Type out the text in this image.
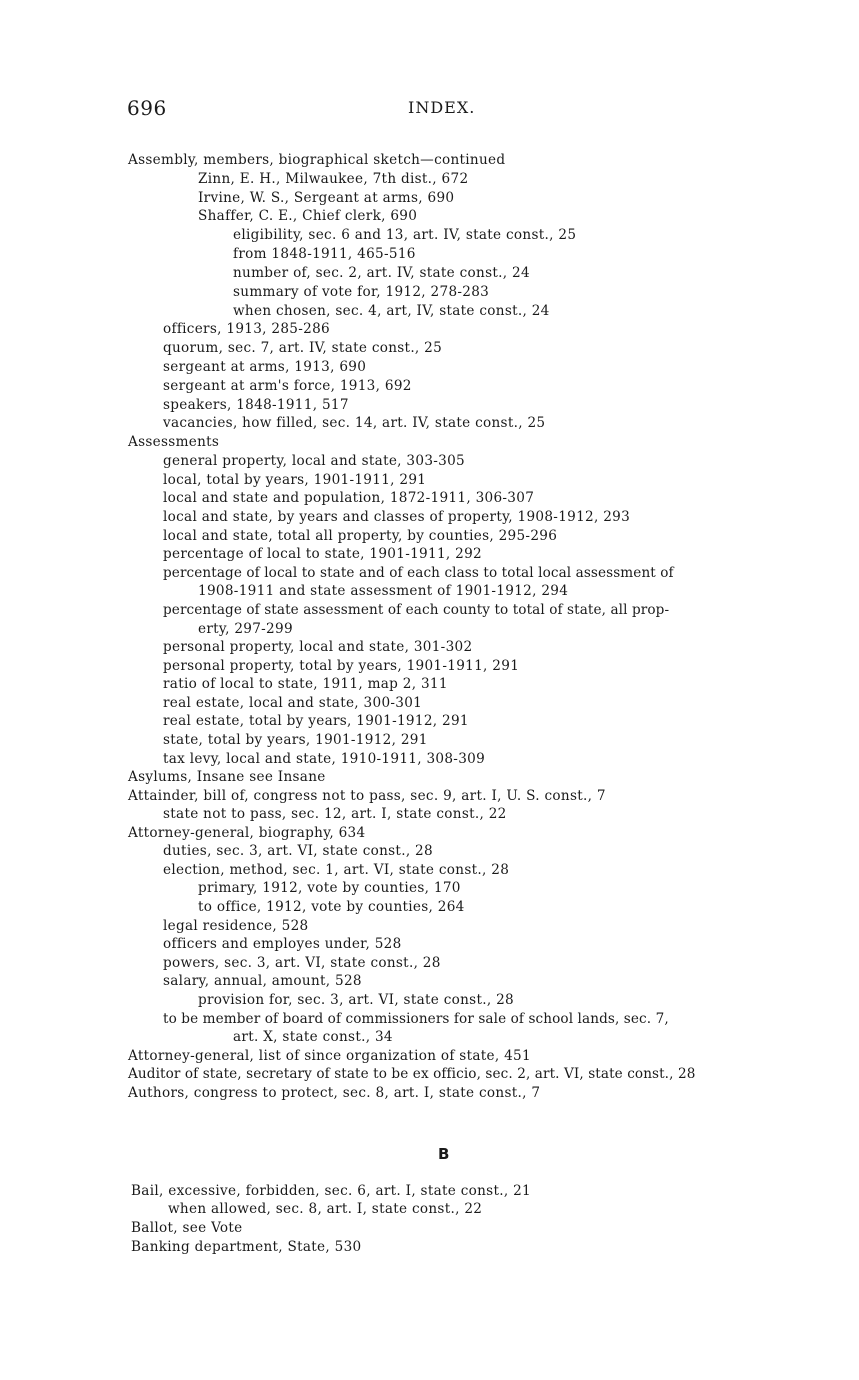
696	INDEX.
Assembly, members, biographical sketch—continued
Zinn, E. H., Milwaukee, 7th dist., 672
Irvine, W. S., Sergeant at arms, 690
Shaffer, C. E., Chief clerk, 690
eligibility, sec. 6 and 13, art. IV, state const., 25
from 1848-1911, 465-516
number of, sec. 2, art. IV, state const., 24
summary of vote for, 1912, 278-283
when chosen, sec. 4, art, IV, state const., 24
officers, 1913, 285-286
quorum, sec. 7, art. IV, state const., 25
sergeant at arms, 1913, 690
sergeant at arm's force, 1913, 692
speakers, 1848-1911, 517
vacancies, how filled, sec. 14, art. IV, state const., 25
Assessments
general property, local and state, 303-305
local, total by years, 1901-1911, 291
local and state and population, 1872-1911, 306-307
local and state, by years and classes of property, 1908-1912, 293
local and state, total all property, by counties, 295-296
percentage of local to state, 1901-1911, 292
percentage of local to state and of each class to total local assessment of
1908-1911 and state assessment of 1901-1912, 294
percentage of state assessment of each county to total of state, all prop-
erty, 297-299
personal property, local and state, 301-302
personal property, total by years, 1901-1911, 291
ratio of local to state, 1911, map 2, 311
real estate, local and state, 300-301
real estate, total by years, 1901-1912, 291
state, total by years, 1901-1912, 291
tax levy, local and state, 1910-1911, 308-309
Asylums, Insane see Insane
Attainder, bill of, congress not to pass, sec. 9, art. I, U. S. const., 7
state not to pass, sec. 12, art. I, state const., 22
Attorney-general, biography, 634
duties, sec. 3, art. VI, state const., 28
election, method, sec. 1, art. VI, state const., 28
primary, 1912, vote by counties, 170
to office, 1912, vote by counties, 264
legal residence, 528
officers and employes under, 528
powers, sec. 3, art. VI, state const., 28
salary, annual, amount, 528
provision for, sec. 3, art. VI, state const., 28
to be member of board of commissioners for sale of school lands, sec. 7,
art. X, state const., 34
Attorney-general, list of since organization of state, 451
Auditor of state, secretary of state to be ex officio, sec. 2, art. VI, state const., 28
Authors, congress to protect, sec. 8, art. I, state const., 7
B
Bail, excessive, forbidden, sec. 6, art. I, state const., 21
when allowed, sec. 8, art. I, state const., 22
Ballot, see Vote
Banking department, State, 530
